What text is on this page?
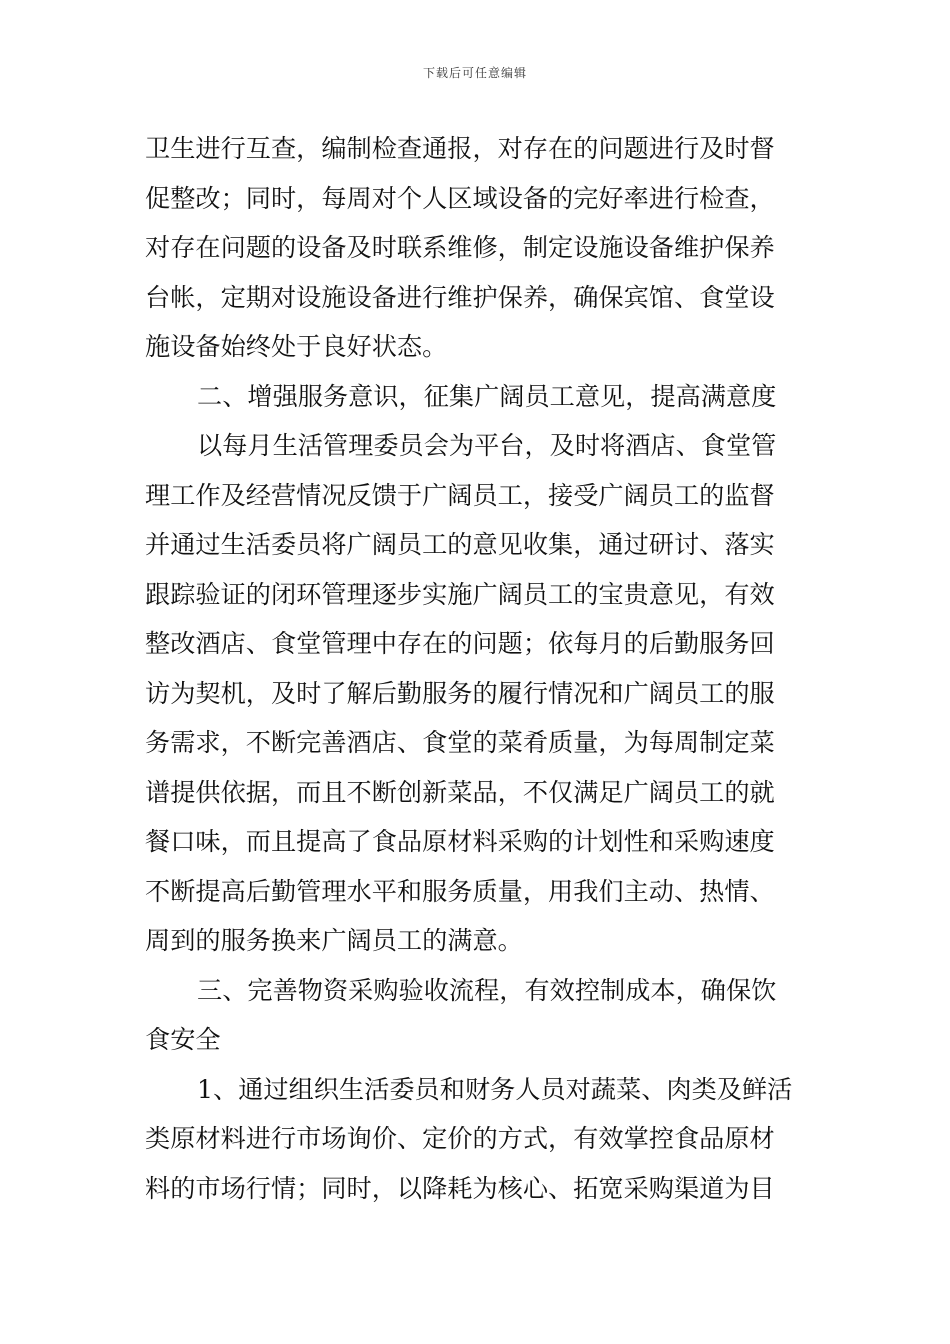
下载后可任意编辑
卫生进行互查，编制检查通报，对存在的问题进行及时督
促整改；同时，每周对个人区域设备的完好率进行检查，
对存在问题的设备及时联系维修，制定设施设备维护保养
台帐，定期对设施设备进行维护保养，确保宾馆、食堂设
施设备始终处于良好状态。
二、增强服务意识，征集广阔员工意见，提高满意度
以每月生活管理委员会为平台，及时将酒店、食堂管
理工作及经营情况反馈于广阔员工，接受广阔员工的监督
并通过生活委员将广阔员工的意见收集，通过研讨、落实
跟踪验证的闭环管理逐步实施广阔员工的宝贵意见，有效
整改酒店、食堂管理中存在的问题；依每月的后勤服务回
访为契机，及时了解后勤服务的履行情况和广阔员工的服
务需求，不断完善酒店、食堂的菜肴质量，为每周制定菜
谱提供依据，而且不断创新菜品，不仅满足广阔员工的就
餐口味，而且提高了食品原材料采购的计划性和采购速度
不断提高后勤管理水平和服务质量，用我们主动、热情、
周到的服务换来广阔员工的满意。
三、完善物资采购验收流程，有效控制成本，确保饮
食安全
1、通过组织生活委员和财务人员对蔬菜、肉类及鲜活
类原材料进行市场询价、定价的方式，有效掌控食品原材
料的市场行情；同时，以降耗为核心、拓宽采购渠道为目
